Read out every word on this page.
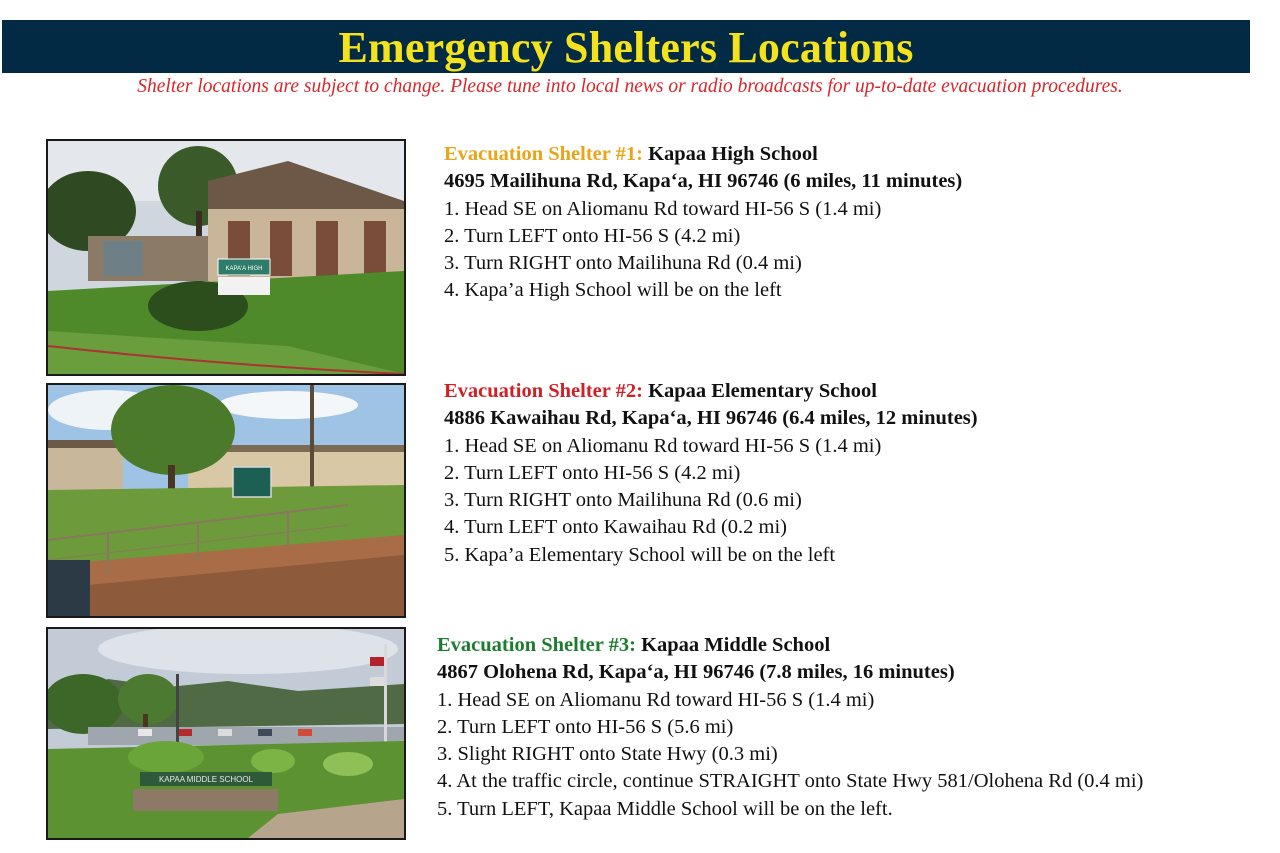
Emergency Shelters Locations
Shelter locations are subject to change. Please tune into local news or radio broadcasts for up-to-date evacuation procedures.
KAPA'A HIGH
KAPAA MIDDLE SCHOOL
Evacuation Shelter #1: Kapaa High School
4695 Mailihuna Rd, Kapa‘a, HI 96746 (6 miles, 11 minutes)
1. Head SE on Aliomanu Rd toward HI-56 S (1.4 mi)
2. Turn LEFT onto HI-56 S (4.2 mi)
3. Turn RIGHT onto Mailihuna Rd (0.4 mi)
4. Kapa’a High School will be on the left
Evacuation Shelter #2: Kapaa Elementary School
4886 Kawaihau Rd, Kapa‘a, HI 96746 (6.4 miles, 12 minutes)
1. Head SE on Aliomanu Rd toward HI-56 S (1.4 mi)
2. Turn LEFT onto HI-56 S (4.2 mi)
3. Turn RIGHT onto Mailihuna Rd (0.6 mi)
4. Turn LEFT onto Kawaihau Rd (0.2 mi)
5. Kapa’a Elementary School will be on the left
Evacuation Shelter #3: Kapaa Middle School
4867 Olohena Rd, Kapa‘a, HI 96746 (7.8 miles, 16 minutes)
1. Head SE on Aliomanu Rd toward HI-56 S (1.4 mi)
2. Turn LEFT onto HI-56 S (5.6 mi)
3. Slight RIGHT onto State Hwy (0.3 mi)
4. At the traffic circle, continue STRAIGHT onto State Hwy 581/Olohena Rd (0.4 mi)
5. Turn LEFT, Kapaa Middle School will be on the left.
